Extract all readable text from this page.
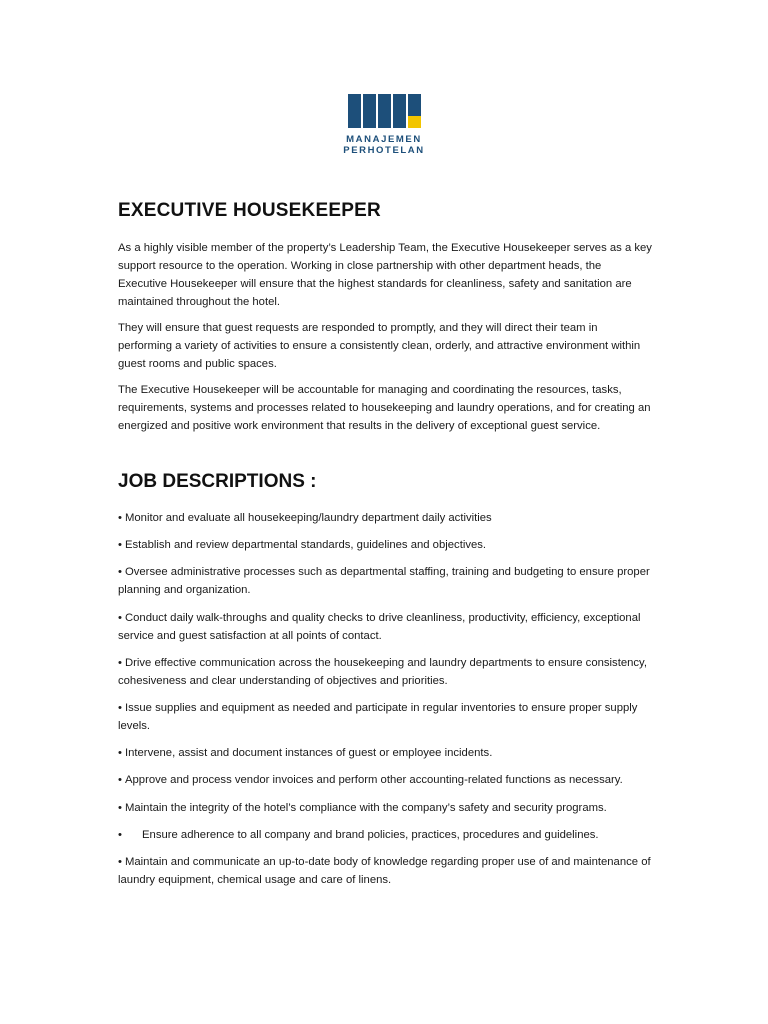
MANAJEMEN
PERHOTELAN
EXECUTIVE HOUSEKEEPER

As a highly visible member of the property’s Leadership Team, the Executive Housekeeper serves as a key support resource to the operation. Working in close partnership with other department heads, the Executive Housekeeper will ensure that the highest standards for cleanliness, safety and sanitation are maintained throughout the hotel.

They will ensure that guest requests are responded to promptly, and they will direct their team in performing a variety of activities to ensure a consistently clean, orderly, and attractive environment within guest rooms and public spaces.

The Executive Housekeeper will be accountable for managing and coordinating the resources, tasks, requirements, systems and processes related to housekeeping and laundry operations, and for creating an energized and positive work environment that results in the delivery of exceptional guest service.

JOB DESCRIPTIONS :
• Monitor and evaluate all housekeeping/laundry department daily activities
• Establish and review departmental standards, guidelines and objectives.
• Oversee administrative processes such as departmental staffing, training and budgeting to ensure proper planning and organization.
• Conduct daily walk-throughs and quality checks to drive cleanliness, productivity, efficiency, exceptional service and guest satisfaction at all points of contact.
• Drive effective communication across the housekeeping and laundry departments to ensure consistency, cohesiveness and clear understanding of objectives and priorities.
• Issue supplies and equipment as needed and participate in regular inventories to ensure proper supply levels.
• Intervene, assist and document instances of guest or employee incidents.
• Approve and process vendor invoices and perform other accounting-related functions as necessary.
• Maintain the integrity of the hotel’s compliance with the company’s safety and security programs.
• Ensure adherence to all company and brand policies, practices, procedures and guidelines.
• Maintain and communicate an up-to-date body of knowledge regarding proper use of and maintenance of laundry equipment, chemical usage and care of linens.
